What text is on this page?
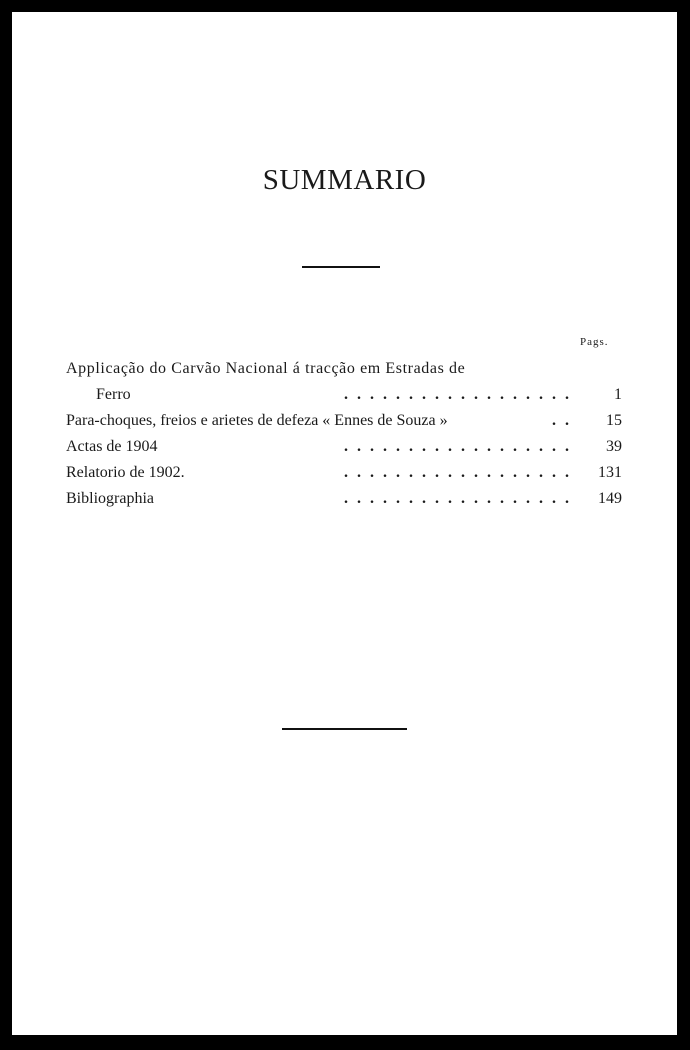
SUMMARIO
Pags.
Applicação do Carvão Nacional á tracção em Estradas de
Ferro	..................	1
Para-choques, freios e arietes de defeza « Ennes de Souza »	..	15
Actas de 1904	..................	39
Relatorio de 1902.	..................	131
Bibliographia	..................	149
